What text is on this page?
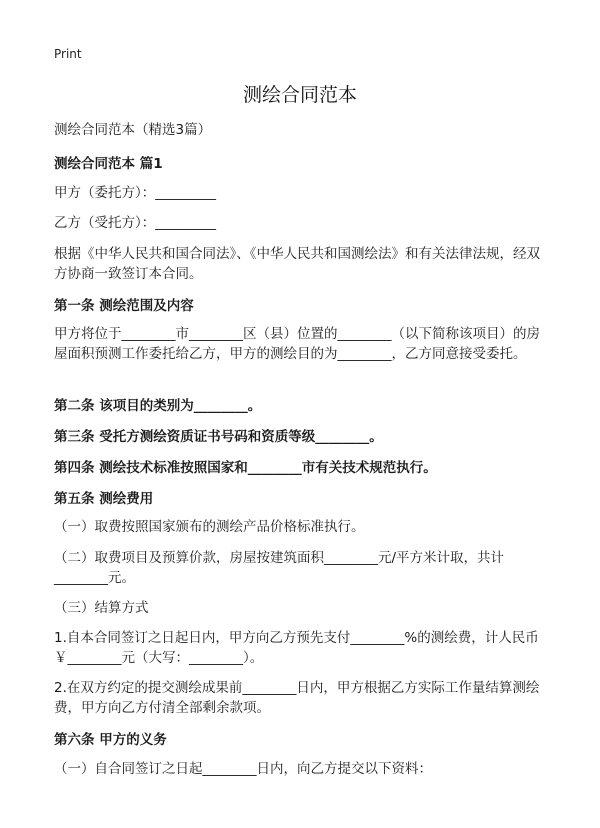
Print
测绘合同范本
测绘合同范本（精选3篇）
测绘合同范本 篇1
甲方（委托方）：_________
乙方（受托方）：_________
根据《中华人民共和国合同法》、《中华人民共和国测绘法》和有关法律法规，经双方协商一致签订本合同。
第一条 测绘范围及内容
甲方将位于________市________区（县）位置的________（以下简称该项目）的房屋面积预测工作委托给乙方，甲方的测绘目的为________，乙方同意接受委托。
第二条 该项目的类别为________。
第三条 受托方测绘资质证书号码和资质等级________。
第四条 测绘技术标准按照国家和________市有关技术规范执行。
第五条 测绘费用
（一）取费按照国家颁布的测绘产品价格标准执行。
（二）取费项目及预算价款，房屋按建筑面积________元/平方米计取，共计________元。
（三）结算方式
1.自本合同签订之日起日内，甲方向乙方预先支付________%的测绘费，计人民币￥________元（大写：________）。
2.在双方约定的提交测绘成果前________日内，甲方根据乙方实际工作量结算测绘费，甲方向乙方付清全部剩余款项。
第六条 甲方的义务
（一）自合同签订之日起________日内，向乙方提交以下资料：
